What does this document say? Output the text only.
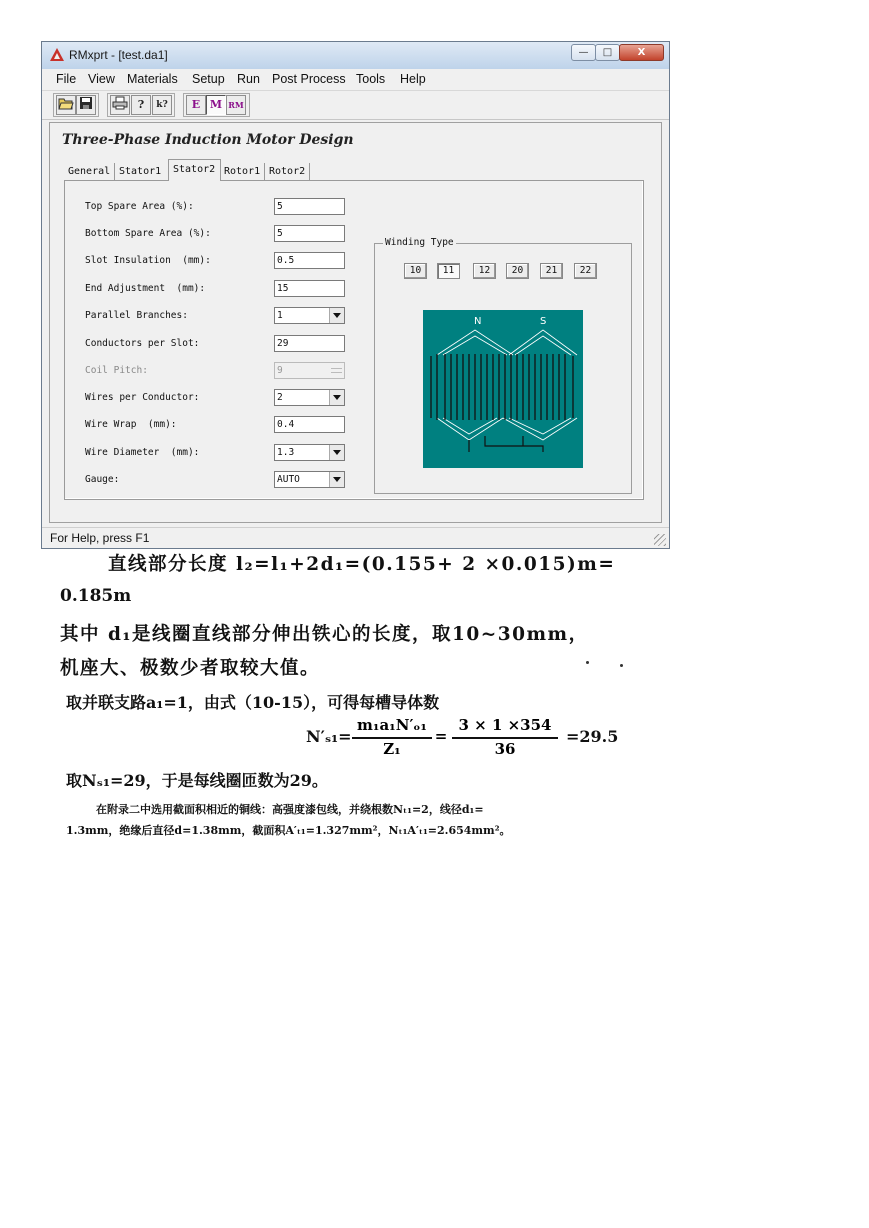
RMxprt - [test.da1]	—	□	X
File View Materials Setup Run Post Process Tools Help
?	k?	E M RM
Three-Phase Induction Motor Design
General Stator1	Stator2 Rotor1 Rotor2
Top Spare Area (%):	5
Bottom Spare Area (%):	5
Slot Insulation  (mm):	0.5
End Adjustment  (mm):	15
Parallel Branches:	1
Conductors per Slot:	29
Coil Pitch:	9
Wires per Conductor:	2
Wire Wrap  (mm):	0.4
Wire Diameter  (mm):	1.3
Gauge:	AUTO
Winding Type
10	11	12	20	21	22
N	S
For Help, press F1
直线部分长度 l₂=l₁+2d₁=(0.155+ 2 ×0.015)m=
0.185m
其中 d₁是线圈直线部分伸出铁心的长度，取10~30mm，
机座大、极数少者取较大值。
取并联支路a₁=1，由式（10-15），可得每槽导体数
N′ₛ₁=
m₁a₁N′ₒ₁
Z₁
=
3 × 1 ×354
36
=29.5
取Nₛ₁=29，于是每线圈匝数为29。
在附录二中选用截面积相近的铜线：高强度漆包线，并绕根数Nₜ₁=2，线径d₁=
1.3mm，绝缘后直径d=1.38mm，截面积A′ₜ₁=1.327mm²，Nₜ₁A′ₜ₁=2.654mm²。
